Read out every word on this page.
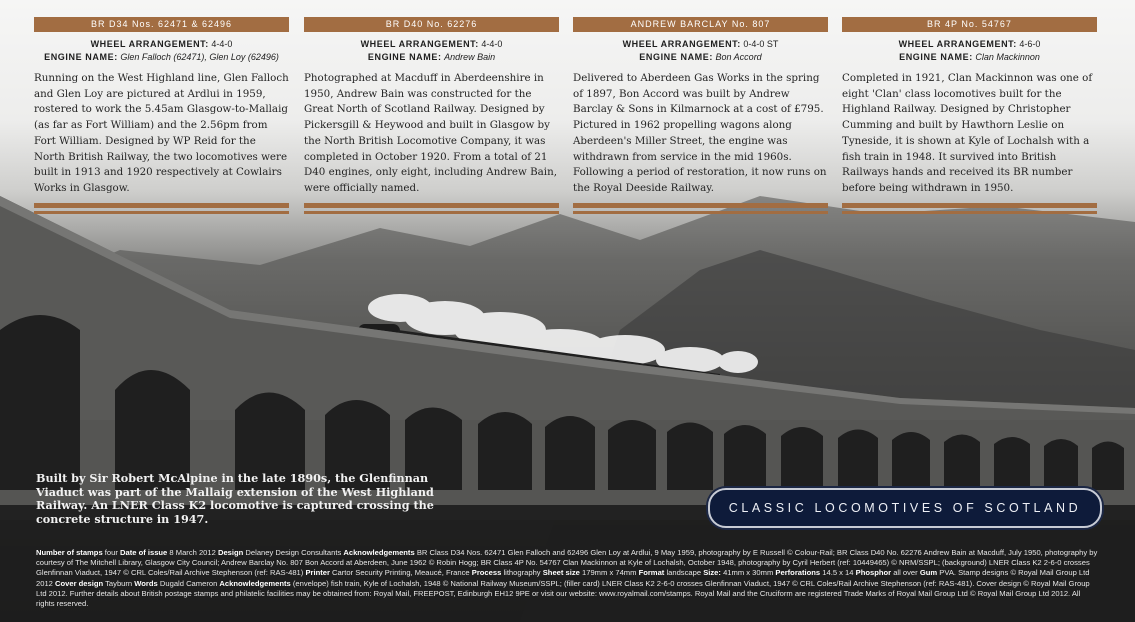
BR D34 Nos. 62471 & 62496
WHEEL ARRANGEMENT: 4-4-0
ENGINE NAME: Glen Falloch (62471), Glen Loy (62496)
Running on the West Highland line, Glen Falloch and Glen Loy are pictured at Ardlui in 1959, rostered to work the 5.45am Glasgow-to-Mallaig (as far as Fort William) and the 2.56pm from Fort William. Designed by WP Reid for the North British Railway, the two locomotives were built in 1913 and 1920 respectively at Cowlairs Works in Glasgow.
BR D40 No. 62276
WHEEL ARRANGEMENT: 4-4-0
ENGINE NAME: Andrew Bain
Photographed at Macduff in Aberdeenshire in 1950, Andrew Bain was constructed for the Great North of Scotland Railway. Designed by Pickersgill & Heywood and built in Glasgow by the North British Locomotive Company, it was completed in October 1920. From a total of 21 D40 engines, only eight, including Andrew Bain, were officially named.
ANDREW BARCLAY No. 807
WHEEL ARRANGEMENT: 0-4-0 ST
ENGINE NAME: Bon Accord
Delivered to Aberdeen Gas Works in the spring of 1897, Bon Accord was built by Andrew Barclay & Sons in Kilmarnock at a cost of £795. Pictured in 1962 propelling wagons along Aberdeen's Miller Street, the engine was withdrawn from service in the mid 1960s. Following a period of restoration, it now runs on the Royal Deeside Railway.
BR 4P No. 54767
WHEEL ARRANGEMENT: 4-6-0
ENGINE NAME: Clan Mackinnon
Completed in 1921, Clan Mackinnon was one of eight 'Clan' class locomotives built for the Highland Railway. Designed by Christopher Cumming and built by Hawthorn Leslie on Tyneside, it is shown at Kyle of Lochalsh with a fish train in 1948. It survived into British Railways hands and received its BR number before being withdrawn in 1950.
Built by Sir Robert McAlpine in the late 1890s, the Glenfinnan Viaduct was part of the Mallaig extension of the West Highland Railway. An LNER Class K2 locomotive is captured crossing the concrete structure in 1947.
CLASSIC LOCOMOTIVES OF SCOTLAND
Number of stamps four Date of issue 8 March 2012 Design Delaney Design Consultants Acknowledgements BR Class D34 Nos. 62471 Glen Falloch and 62496 Glen Loy at Ardlui, 9 May 1959, photography by E Russell © Colour-Rail; BR Class D40 No. 62276 Andrew Bain at Macduff, July 1950, photography by courtesy of The Mitchell Library, Glasgow City Council; Andrew Barclay No. 807 Bon Accord at Aberdeen, June 1962 © Robin Hogg; BR Class 4P No. 54767 Clan Mackinnon at Kyle of Lochalsh, October 1948, photography by Cyril Herbert (ref: 10449465) © NRM/SSPL; (background) LNER Class K2 2-6-0 crosses Glenfinnan Viaduct, 1947 © CRL Coles/Rail Archive Stephenson (ref: RAS-481) Printer Cartor Security Printing, Meaucé, France Process lithography Sheet size 179mm x 74mm Format landscape Size: 41mm x 30mm Perforations 14.5 x 14 Phosphor all over Gum PVA. Stamp designs © Royal Mail Group Ltd 2012 Cover design Tayburn Words Dugald Cameron Acknowledgements (envelope) fish train, Kyle of Lochalsh, 1948 © National Railway Museum/SSPL; (filler card) LNER Class K2 2-6-0 crosses Glenfinnan Viaduct, 1947 © CRL Coles/Rail Archive Stephenson (ref: RAS-481). Cover design © Royal Mail Group Ltd 2012. Further details about British postage stamps and philatelic facilities may be obtained from: Royal Mail, FREEPOST, Edinburgh EH12 9PE or visit our website: www.royalmail.com/stamps. Royal Mail and the Cruciform are registered Trade Marks of Royal Mail Group Ltd © Royal Mail Group Ltd 2012. All rights reserved.
